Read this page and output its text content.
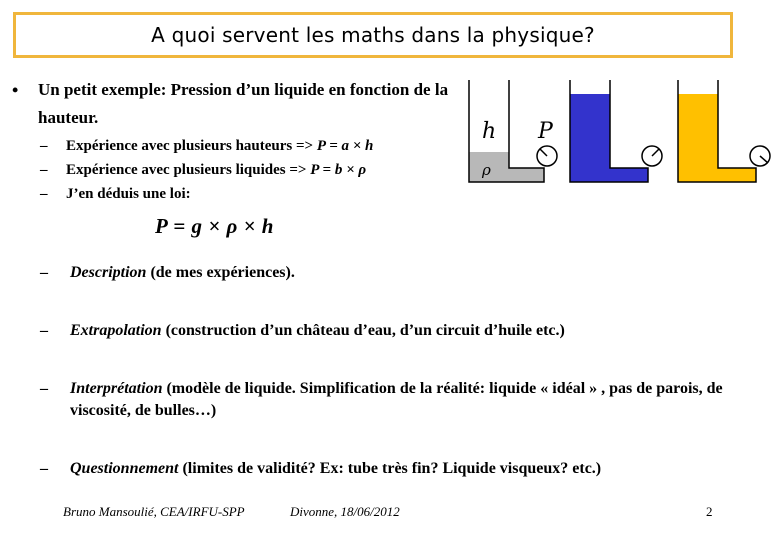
A quoi servent les maths dans la physique?
• Un petit exemple: Pression d’un liquide en fonction de la hauteur.
– Expérience avec plusieurs hauteurs => P = a × h
– Expérience avec plusieurs liquides => P = b × ρ
– J’en déduis une loi:
P = g × ρ × h
– Description (de mes expériences).
– Extrapolation (construction d’un château d’eau, d’un circuit d’huile etc.)
– Interprétation (modèle de liquide. Simplification de la réalité: liquide « idéal » , pas de parois, de viscosité, de bulles…)
– Questionnement (limites de validité? Ex: tube très fin? Liquide visqueux? etc.)
ρ
h P
Bruno Mansoulié, CEA/IRFU-SPP	Divonne, 18/06/2012	2
